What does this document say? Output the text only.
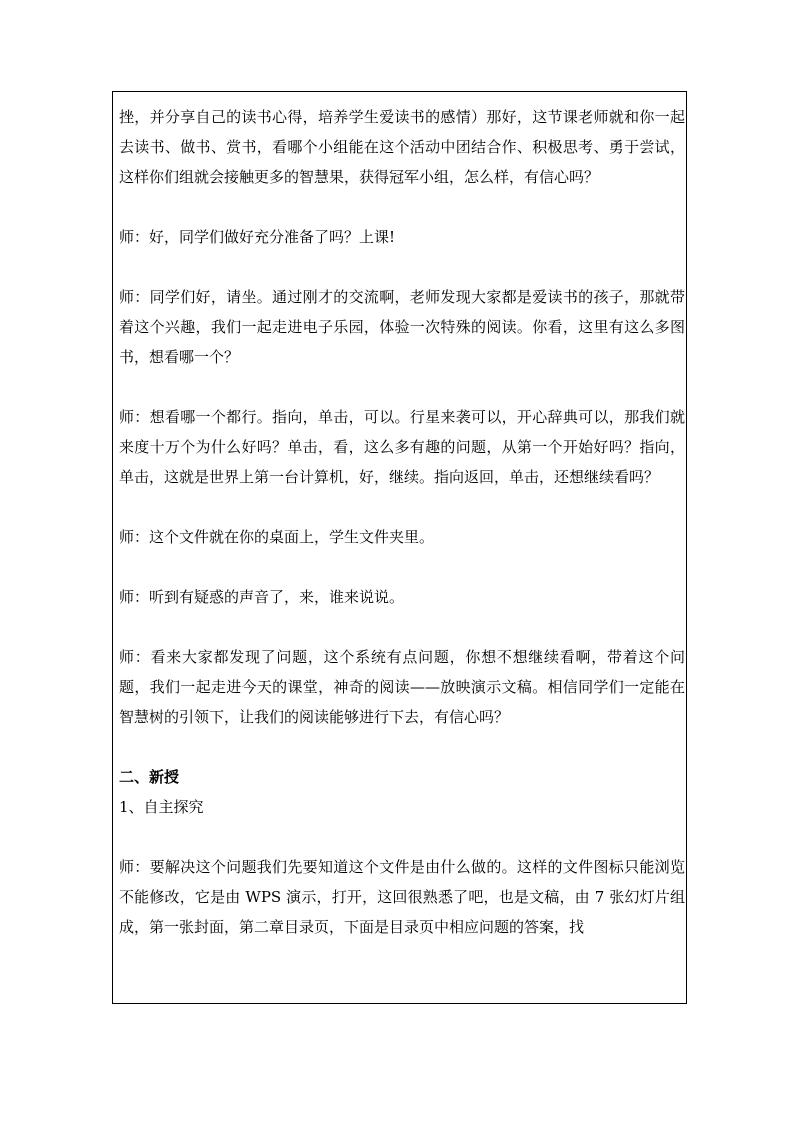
挫，并分享自己的读书心得，培养学生爱读书的感情）那好，这节课老师就和你一起去读书、做书、赏书，看哪个小组能在这个活动中团结合作、积极思考、勇于尝试，这样你们组就会接触更多的智慧果，获得冠军小组，怎么样，有信心吗？

师：好，同学们做好充分准备了吗？上课!

师：同学们好，请坐。通过刚才的交流啊，老师发现大家都是爱读书的孩子，那就带着这个兴趣，我们一起走进电子乐园，体验一次特殊的阅读。你看，这里有这么多图书，想看哪一个？

师：想看哪一个都行。指向，单击，可以。行星来袭可以，开心辞典可以，那我们就来度十万个为什么好吗？单击，看，这么多有趣的问题，从第一个开始好吗？指向，单击，这就是世界上第一台计算机，好，继续。指向返回，单击，还想继续看吗？

师：这个文件就在你的桌面上，学生文件夹里。

师：听到有疑惑的声音了，来，谁来说说。

师：看来大家都发现了问题，这个系统有点问题，你想不想继续看啊，带着这个问题，我们一起走进今天的课堂，神奇的阅读——放映演示文稿。相信同学们一定能在智慧树的引领下，让我们的阅读能够进行下去，有信心吗？

二、新授

1、自主探究

师：要解决这个问题我们先要知道这个文件是由什么做的。这样的文件图标只能浏览不能修改，它是由 WPS 演示，打开，这回很熟悉了吧，也是文稿，由 7 张幻灯片组成，第一张封面，第二章目录页，下面是目录页中相应问题的答案，找
